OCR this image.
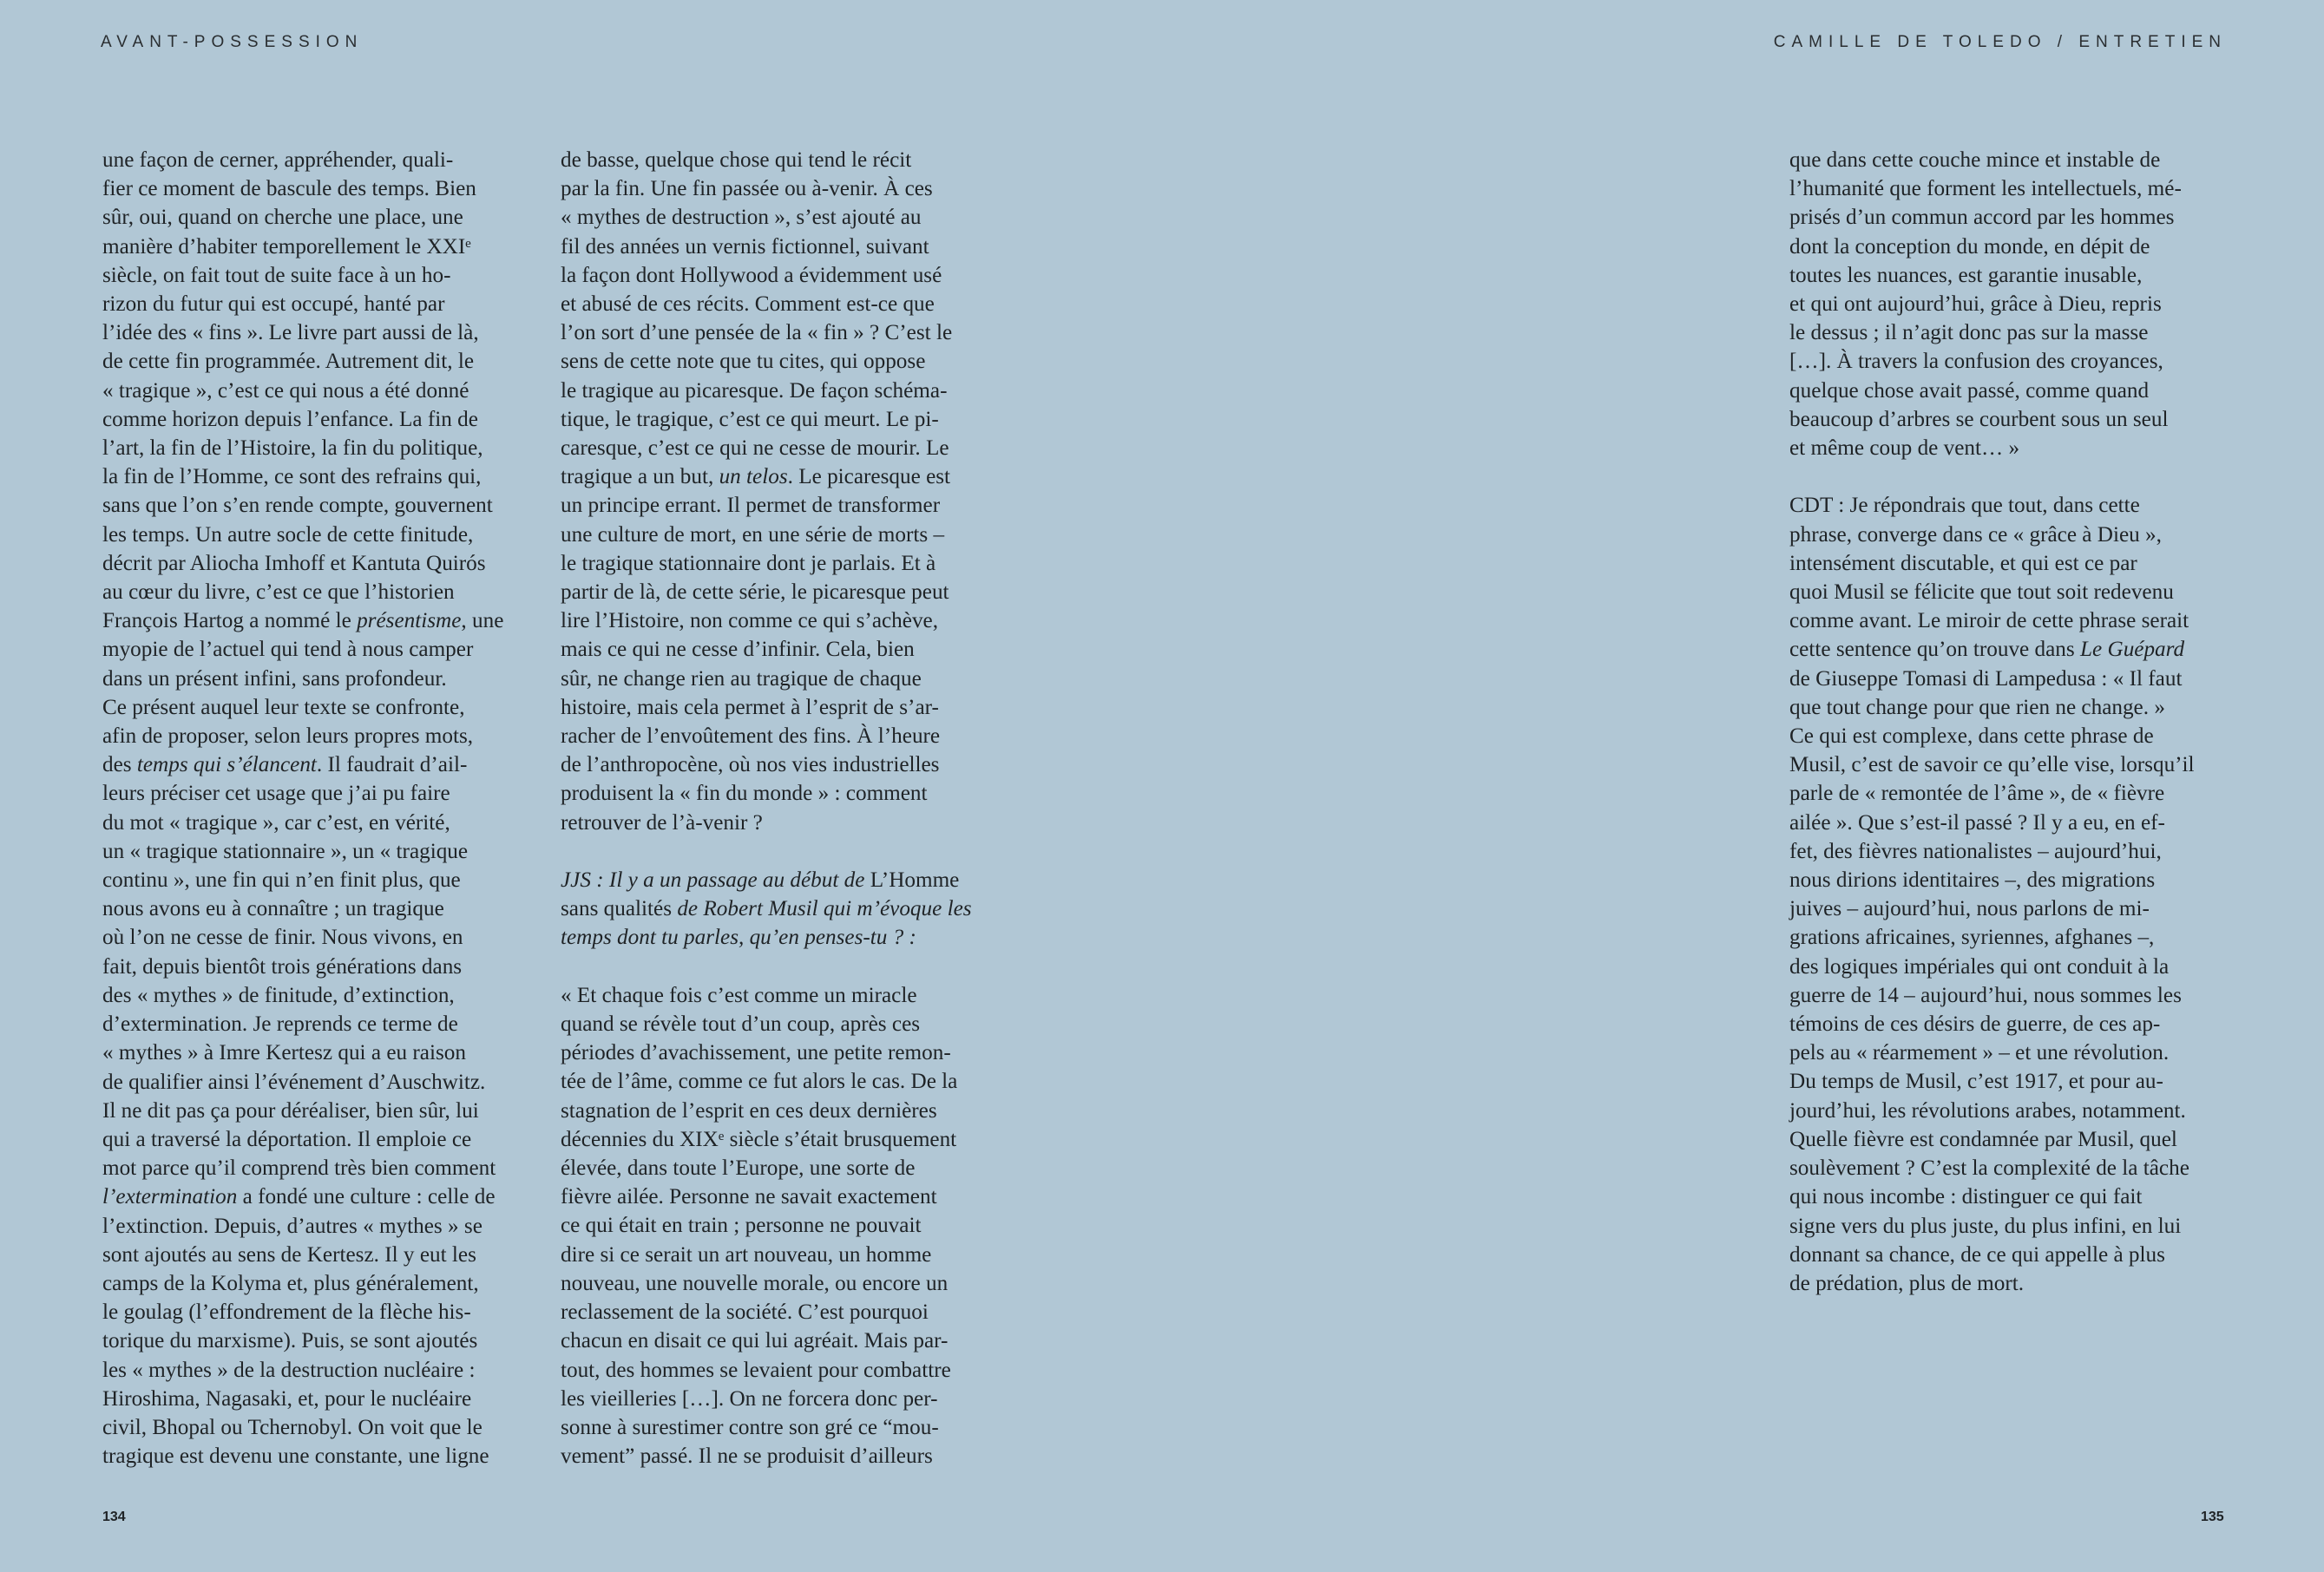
AVANT-POSSESSION	CAMILLE DE TOLEDO / ENTRETIEN
une façon de cerner, appréhender, quali-
fier ce moment de bascule des temps. Bien
sûr, oui, quand on cherche une place, une
manière d’habiter temporellement le XXIᵉ
siècle, on fait tout de suite face à un ho-
rizon du futur qui est occupé, hanté par
l’idée des « fins ». Le livre part aussi de là,
de cette fin programmée. Autrement dit, le
« tragique », c’est ce qui nous a été donné
comme horizon depuis l’enfance. La fin de
l’art, la fin de l’Histoire, la fin du politique,
la fin de l’Homme, ce sont des refrains qui,
sans que l’on s’en rende compte, gouvernent
les temps. Un autre socle de cette finitude,
décrit par Aliocha Imhoff et Kantuta Quirós
au cœur du livre, c’est ce que l’historien
François Hartog a nommé le présentisme, une
myopie de l’actuel qui tend à nous camper
dans un présent infini, sans profondeur.
Ce présent auquel leur texte se confronte,
afin de proposer, selon leurs propres mots,
des temps qui s’élancent. Il faudrait d’ail-
leurs préciser cet usage que j’ai pu faire
du mot « tragique », car c’est, en vérité,
un « tragique stationnaire », un « tragique
continu », une fin qui n’en finit plus, que
nous avons eu à connaître ; un tragique
où l’on ne cesse de finir. Nous vivons, en
fait, depuis bientôt trois générations dans
des « mythes » de finitude, d’extinction,
d’extermination. Je reprends ce terme de
« mythes » à Imre Kertesz qui a eu raison
de qualifier ainsi l’événement d’Auschwitz.
Il ne dit pas ça pour déréaliser, bien sûr, lui
qui a traversé la déportation. Il emploie ce
mot parce qu’il comprend très bien comment
l’extermination a fondé une culture : celle de
l’extinction. Depuis, d’autres « mythes » se
sont ajoutés au sens de Kertesz. Il y eut les
camps de la Kolyma et, plus généralement,
le goulag (l’effondrement de la flèche his-
torique du marxisme). Puis, se sont ajoutés
les « mythes » de la destruction nucléaire :
Hiroshima, Nagasaki, et, pour le nucléaire
civil, Bhopal ou Tchernobyl. On voit que le
tragique est devenu une constante, une ligne
de basse, quelque chose qui tend le récit
par la fin. Une fin passée ou à-venir. À ces
« mythes de destruction », s’est ajouté au
fil des années un vernis fictionnel, suivant
la façon dont Hollywood a évidemment usé
et abusé de ces récits. Comment est-ce que
l’on sort d’une pensée de la « fin » ? C’est le
sens de cette note que tu cites, qui oppose
le tragique au picaresque. De façon schéma-
tique, le tragique, c’est ce qui meurt. Le pi-
caresque, c’est ce qui ne cesse de mourir. Le
tragique a un but, un telos. Le picaresque est
un principe errant. Il permet de transformer
une culture de mort, en une série de morts –
le tragique stationnaire dont je parlais. Et à
partir de là, de cette série, le picaresque peut
lire l’Histoire, non comme ce qui s’achève,
mais ce qui ne cesse d’infinir. Cela, bien
sûr, ne change rien au tragique de chaque
histoire, mais cela permet à l’esprit de s’ar-
racher de l’envoûtement des fins. À l’heure
de l’anthropocène, où nos vies industrielles
produisent la « fin du monde » : comment
retrouver de l’à-venir ?
JJS : Il y a un passage au début de L’Homme
sans qualités de Robert Musil qui m’évoque les
temps dont tu parles, qu’en penses-tu ? :
« Et chaque fois c’est comme un miracle
quand se révèle tout d’un coup, après ces
périodes d’avachissement, une petite remon-
tée de l’âme, comme ce fut alors le cas. De la
stagnation de l’esprit en ces deux dernières
décennies du XIXᵉ siècle s’était brusquement
élevée, dans toute l’Europe, une sorte de
fièvre ailée. Personne ne savait exactement
ce qui était en train ; personne ne pouvait
dire si ce serait un art nouveau, un homme
nouveau, une nouvelle morale, ou encore un
reclassement de la société. C’est pourquoi
chacun en disait ce qui lui agréait. Mais par-
tout, des hommes se levaient pour combattre
les vieilleries […]. On ne forcera donc per-
sonne à surestimer contre son gré ce “mou-
vement” passé. Il ne se produisit d’ailleurs
que dans cette couche mince et instable de
l’humanité que forment les intellectuels, mé-
prisés d’un commun accord par les hommes
dont la conception du monde, en dépit de
toutes les nuances, est garantie inusable,
et qui ont aujourd’hui, grâce à Dieu, repris
le dessus ; il n’agit donc pas sur la masse
[…]. À travers la confusion des croyances,
quelque chose avait passé, comme quand
beaucoup d’arbres se courbent sous un seul
et même coup de vent… »
CDT : Je répondrais que tout, dans cette
phrase, converge dans ce « grâce à Dieu »,
intensément discutable, et qui est ce par
quoi Musil se félicite que tout soit redevenu
comme avant. Le miroir de cette phrase serait
cette sentence qu’on trouve dans Le Guépard
de Giuseppe Tomasi di Lampedusa : « Il faut
que tout change pour que rien ne change. »
Ce qui est complexe, dans cette phrase de
Musil, c’est de savoir ce qu’elle vise, lorsqu’il
parle de « remontée de l’âme », de « fièvre
ailée ». Que s’est-il passé ? Il y a eu, en ef-
fet, des fièvres nationalistes – aujourd’hui,
nous dirions identitaires –, des migrations
juives – aujourd’hui, nous parlons de mi-
grations africaines, syriennes, afghanes –,
des logiques impériales qui ont conduit à la
guerre de 14 – aujourd’hui, nous sommes les
témoins de ces désirs de guerre, de ces ap-
pels au « réarmement » – et une révolution.
Du temps de Musil, c’est 1917, et pour au-
jourd’hui, les révolutions arabes, notamment.
Quelle fièvre est condamnée par Musil, quel
soulèvement ? C’est la complexité de la tâche
qui nous incombe : distinguer ce qui fait
signe vers du plus juste, du plus infini, en lui
donnant sa chance, de ce qui appelle à plus
de prédation, plus de mort.
134	135
